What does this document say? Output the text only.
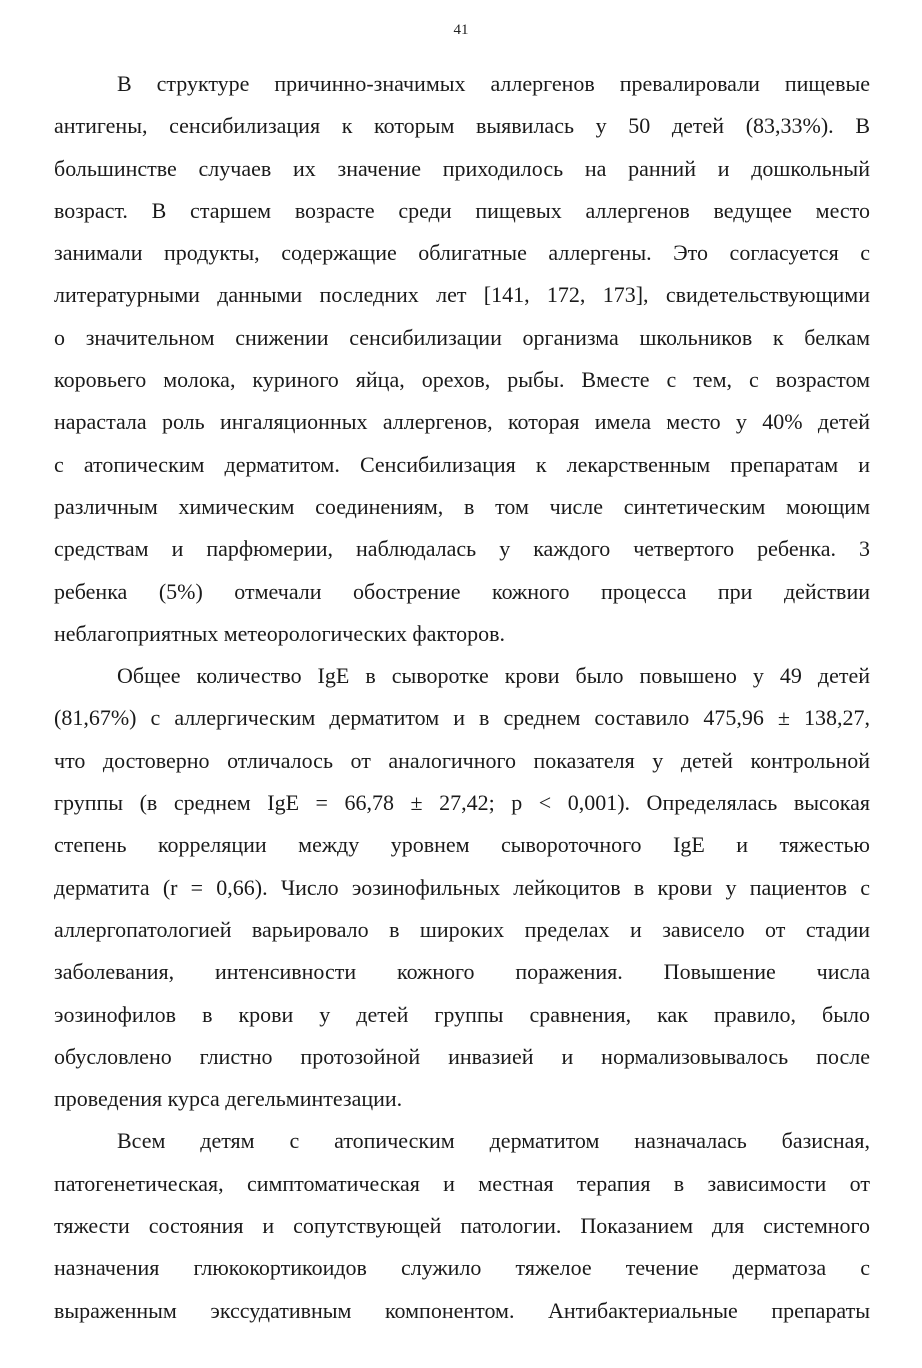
41
В структуре причинно-значимых аллергенов превалировали пищевые
антигены, сенсибилизация к которым выявилась у 50 детей (83,33%). В
большинстве случаев их значение приходилось на ранний и дошкольный
возраст. В старшем возрасте среди пищевых аллергенов ведущее место
занимали продукты, содержащие облигатные аллергены. Это согласуется с
литературными данными последних лет [141, 172, 173], свидетельствующими
о значительном снижении сенсибилизации организма школьников к белкам
коровьего молока, куриного яйца, орехов, рыбы. Вместе с тем, с возрастом
нарастала роль ингаляционных аллергенов, которая имела место у 40% детей
с атопическим дерматитом. Сенсибилизация к лекарственным препаратам и
различным химическим соединениям, в том числе синтетическим моющим
средствам и парфюмерии, наблюдалась у каждого четвертого ребенка. 3
ребенка (5%) отмечали обострение кожного процесса при действии
неблагоприятных метеорологических факторов.
Общее количество IgE в сыворотке крови было повышено у 49 детей
(81,67%) с аллергическим дерматитом и в среднем составило 475,96 ± 138,27,
что достоверно отличалось от аналогичного показателя у детей контрольной
группы (в среднем IgE = 66,78 ± 27,42; р < 0,001). Определялась высокая
степень корреляции между уровнем сывороточного IgE и тяжестью
дерматита (r = 0,66). Число эозинофильных лейкоцитов в крови у пациентов с
аллергопатологией варьировало в широких пределах и зависело от стадии
заболевания, интенсивности кожного поражения. Повышение числа
эозинофилов в крови у детей группы сравнения, как правило, было
обусловлено глистно протозойной инвазией и нормализовывалось после
проведения курса дегельминтезации.
Всем детям с атопическим дерматитом назначалась базисная,
патогенетическая, симптоматическая и местная терапия в зависимости от
тяжести состояния и сопутствующей патологии. Показанием для системного
назначения глюкокортикоидов служило тяжелое течение дерматоза с
выраженным экссудативным компонентом. Антибактериальные препараты
